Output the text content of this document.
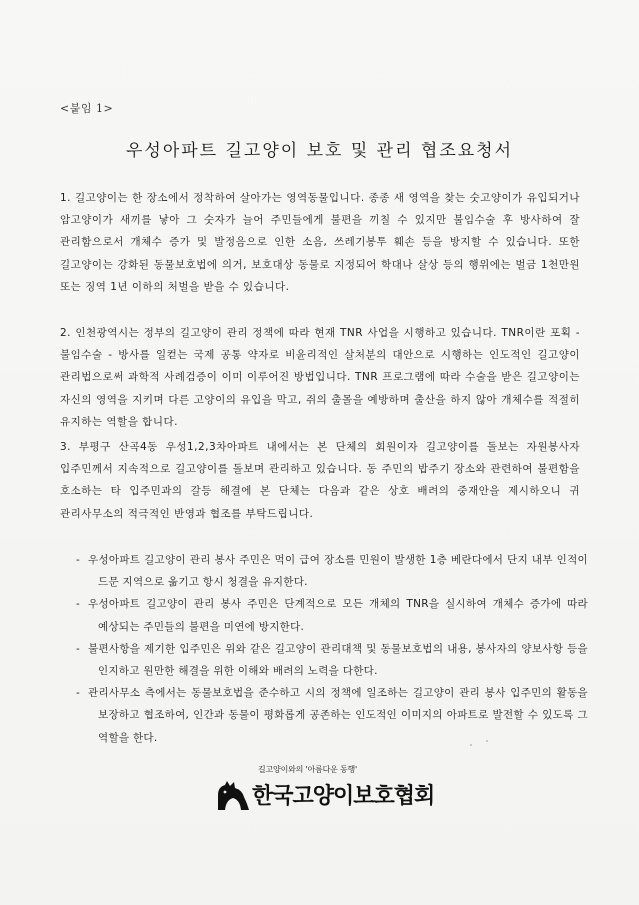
<붙임 1>
우성아파트 길고양이 보호 및 관리 협조요청서
1. 길고양이는 한 장소에서 정착하여 살아가는 영역동물입니다. 종종 새 영역을 찾는 숫고양이가 유입되거나 암고양이가 새끼를 낳아 그 숫자가 늘어 주민들에게 불편을 끼칠 수 있지만 불임수술 후 방사하여 잘 관리함으로서 개체수 증가 및 발정음으로 인한 소음, 쓰레기봉투 훼손 등을 방지할 수 있습니다. 또한 길고양이는 강화된 동물보호법에 의거, 보호대상 동물로 지정되어 학대나 살상 등의 행위에는 벌금 1천만원 또는 징역 1년 이하의 처벌을 받을 수 있습니다.
2. 인천광역시는 정부의 길고양이 관리 정책에 따라 현재 TNR 사업을 시행하고 있습니다. TNR이란 포획 - 불임수술 - 방사를 일컫는 국제 공통 약자로 비윤리적인 살처분의 대안으로 시행하는 인도적인 길고양이 관리법으로써 과학적 사례검증이 이미 이루어진 방법입니다. TNR 프로그램에 따라 수술을 받은 길고양이는 자신의 영역을 지키며 다른 고양이의 유입을 막고, 쥐의 출몰을 예방하며 출산을 하지 않아 개체수를 적절히 유지하는 역할을 합니다.
3. 부평구 산곡4동 우성1,2,3차아파트 내에서는 본 단체의 회원이자 길고양이를 돌보는 자원봉사자 입주민께서 지속적으로 길고양이를 돌보며 관리하고 있습니다. 동 주민의 밥주기 장소와 관련하여 불편함을 호소하는 타 입주민과의 갈등 해결에 본 단체는 다음과 같은 상호 배려의 중재안을 제시하오니 귀 관리사무소의 적극적인 반영과 협조를 부탁드립니다.
- 우성아파트 길고양이 관리 봉사 주민은 먹이 급여 장소를 민원이 발생한 1층 베란다에서 단지 내부 인적이 드문 지역으로 옮기고 항시 청결을 유지한다.
- 우성아파트 길고양이 관리 봉사 주민은 단계적으로 모든 개체의 TNR을 실시하여 개체수 증가에 따라 예상되는 주민들의 불편을 미연에 방지한다.
- 불편사항을 제기한 입주민은 위와 같은 길고양이 관리대책 및 동물보호법의 내용, 봉사자의 양보사항 등을 인지하고 원만한 해결을 위한 이해와 배려의 노력을 다한다.
- 관리사무소 측에서는 동물보호법을 준수하고 시의 정책에 일조하는 길고양이 관리 봉사 입주민의 활동을 보장하고 협조하여, 인간과 동물이 평화롭게 공존하는 인도적인 이미지의 아파트로 발전할 수 있도록 그 역할을 한다.
길고양이와의 '아름다운 동행'
한국고양이보호협회
